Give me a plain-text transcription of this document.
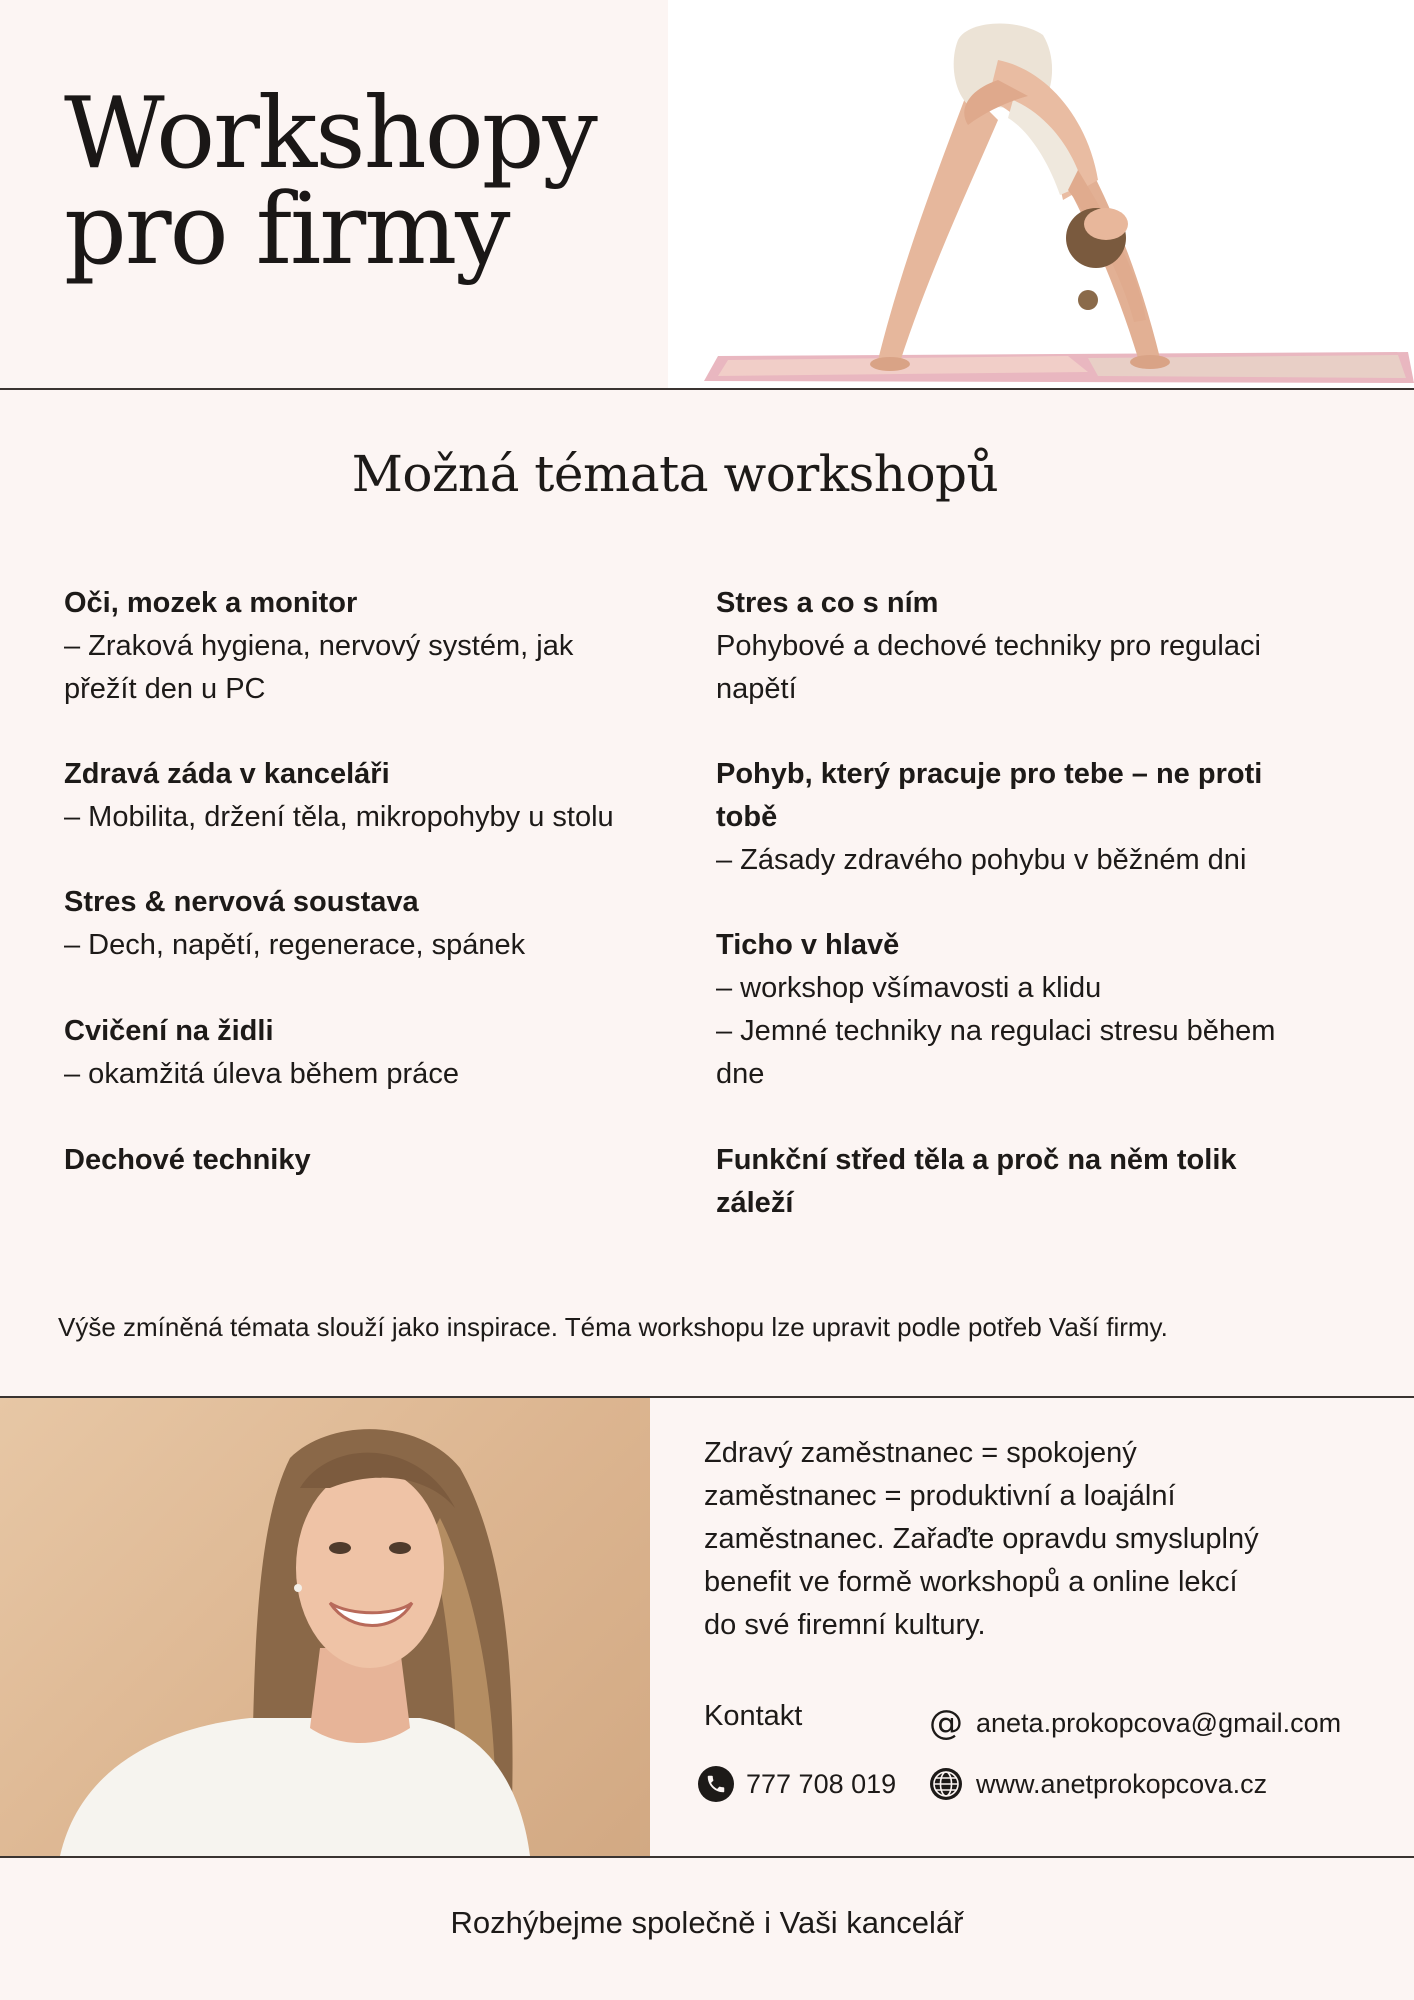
Workshopy
pro firmy
Možná témata workshopů
Oči, mozek a monitor
– Zraková hygiena, nervový systém, jak
přežít den u PC
Zdravá záda v kanceláři
– Mobilita, držení těla, mikropohyby u stolu
Stres & nervová soustava
– Dech, napětí, regenerace, spánek
Cvičení na židli
– okamžitá úleva během práce
Dechové techniky
Stres a co s ním
Pohybové a dechové techniky pro regulaci
napětí
Pohyb, který pracuje pro tebe – ne proti
tobě
– Zásady zdravého pohybu v běžném dni
Ticho v hlavě
– workshop všímavosti a klidu
– Jemné techniky na regulaci stresu během
dne
Funkční střed těla a proč na něm tolik
záleží

Výše zmíněná témata slouží jako inspirace. Téma workshopu lze upravit podle potřeb Vaší firmy.

Zdravý zaměstnanec = spokojený
zaměstnanec = produktivní a loajální
zaměstnanec. Zařaďte opravdu smysluplný
benefit ve formě workshopů a online lekcí
do své firemní kultury.
Kontakt	@ aneta.prokopcova@gmail.com
777 708 019	www.anetprokopcova.cz

Rozhýbejme společně i Vaši kancelář
